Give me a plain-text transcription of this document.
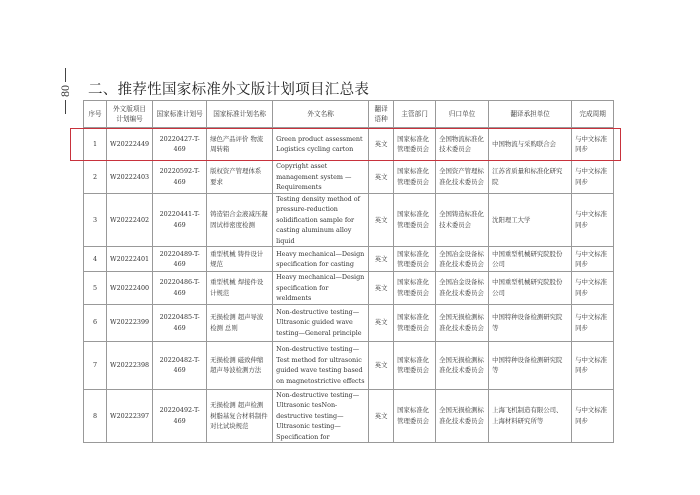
80 二、推荐性国家标准外文版计划项目汇总表
序号	外文版项目计划编号	国家标准计划号	国家标准计划名称	外文名称	翻译语种	主管部门	归口单位	翻译承担单位	完成周期
1	W20222449	20220427-T-469	绿色产品评价 物流周转箱	Green product assessment Logistics cycling carton	英文	国家标准化管理委员会	全国物流标准化技术委员会	中国物流与采购联合会	与中文标准同步
2	W20222403	20220592-T-469	版权资产管理体系 要求	Copyright asset management system — Requirements	英文	国家标准化管理委员会	全国资产管理标准化技术委员会	江苏省质量和标准化研究院	与中文标准同步
3	W20222402	20220441-T-469	铸造铝合金液减压凝固试样密度检测	Testing density method of pressure-reduction solidification sample for casting aluminum alloy liquid	英文	国家标准化管理委员会	全国铸造标准化技术委员会	沈阳理工大学	与中文标准同步
4	W20222401	20220489-T-469	重型机械 铸件设计规范	Heavy mechanical—Design specification for casting	英文	国家标准化管理委员会	全国冶金设备标准化技术委员会	中国重型机械研究院股份公司	与中文标准同步
5	W20222400	20220486-T-469	重型机械 焊接件设计规范	Heavy mechanical—Design specification for weldments	英文	国家标准化管理委员会	全国冶金设备标准化技术委员会	中国重型机械研究院股份公司	与中文标准同步
6	W20222399	20220485-T-469	无损检测 超声导波检测 总则	Non-destructive testing—Ultrasonic guided wave testing—General principle	英文	国家标准化管理委员会	全国无损检测标准化技术委员会	中国特种设备检测研究院等	与中文标准同步
7	W20222398	20220482-T-469	无损检测 磁致伸缩超声导波检测方法	Non-destructive testing—Test method for ultrasonic guided wave testing based on magnetostrictive effects	英文	国家标准化管理委员会	全国无损检测标准化技术委员会	中国特种设备检测研究院等	与中文标准同步
8	W20222397	20220492-T-469	无损检测 超声检测 树脂基复合材料制件对比试块规范	Non-destructive testing—Ultrasonic tesNon-destructive testing—Ultrasonic testing—Specification for	英文	国家标准化管理委员会	全国无损检测标准化技术委员会	上海飞机制造有限公司、上海材料研究所等	与中文标准同步
